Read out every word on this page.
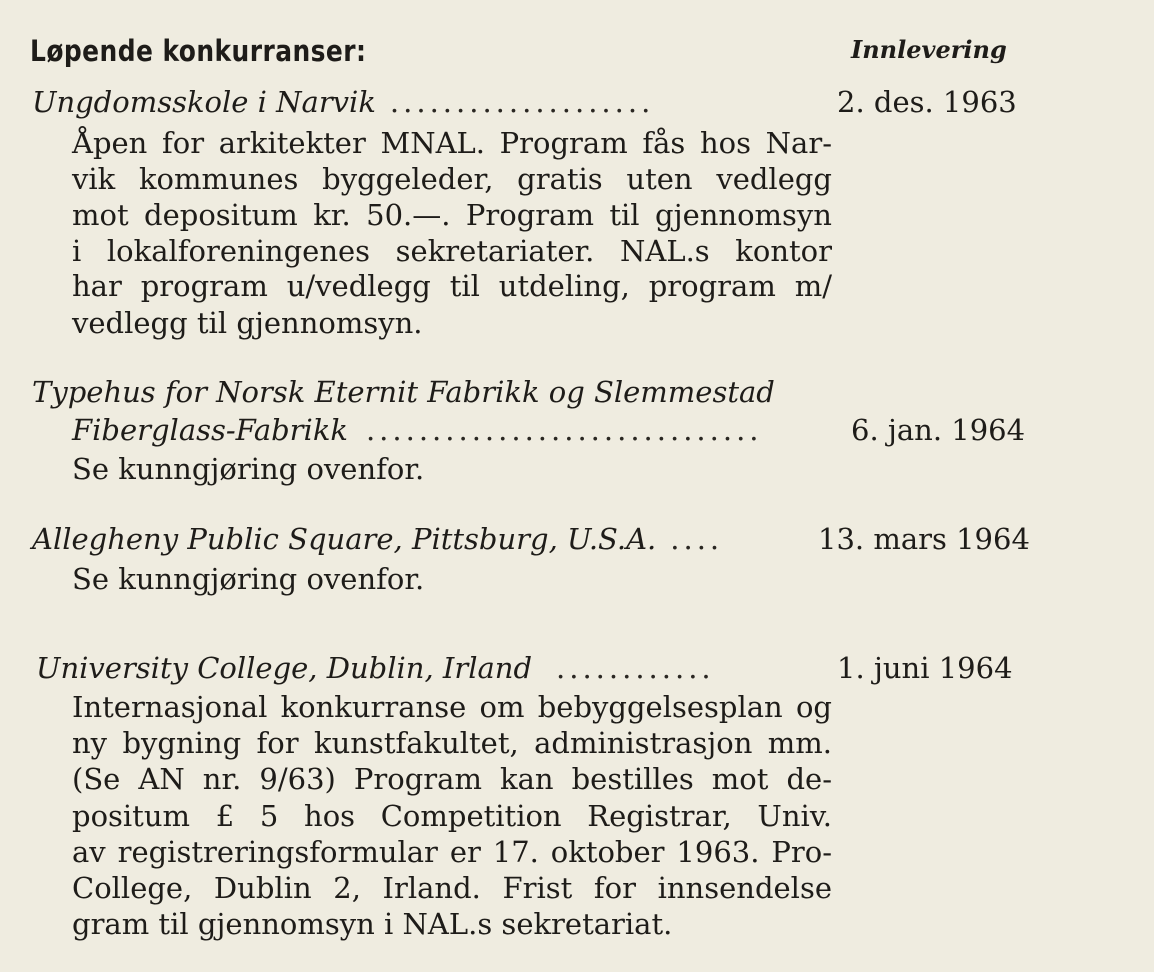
Løpende konkurranser:	Innlevering
Ungdomsskole i Narvik ....................	2. des. 1963
Åpen for arkitekter MNAL. Program fås hos Nar-
vik kommunes byggeleder, gratis uten vedlegg
mot depositum kr. 50.—. Program til gjennomsyn
i lokalforeningenes sekretariater. NAL.s kontor
har program u/vedlegg til utdeling, program m/
vedlegg til gjennomsyn.
Typehus for Norsk Eternit Fabrikk og Slemmestad
Fiberglass-Fabrikk ..............................	6. jan. 1964
Se kunngjøring ovenfor.
Allegheny Public Square, Pittsburg, U.S.A. ....	13. mars 1964
Se kunngjøring ovenfor.
University College, Dublin, Irland ............	1. juni 1964
Internasjonal konkurranse om bebyggelsesplan og
ny bygning for kunstfakultet, administrasjon mm.
(Se AN nr. 9/63) Program kan bestilles mot de-
positum £ 5 hos Competition Registrar, Univ.
av registreringsformular er 17. oktober 1963. Pro-
College, Dublin 2, Irland. Frist for innsendelse
gram til gjennomsyn i NAL.s sekretariat.
